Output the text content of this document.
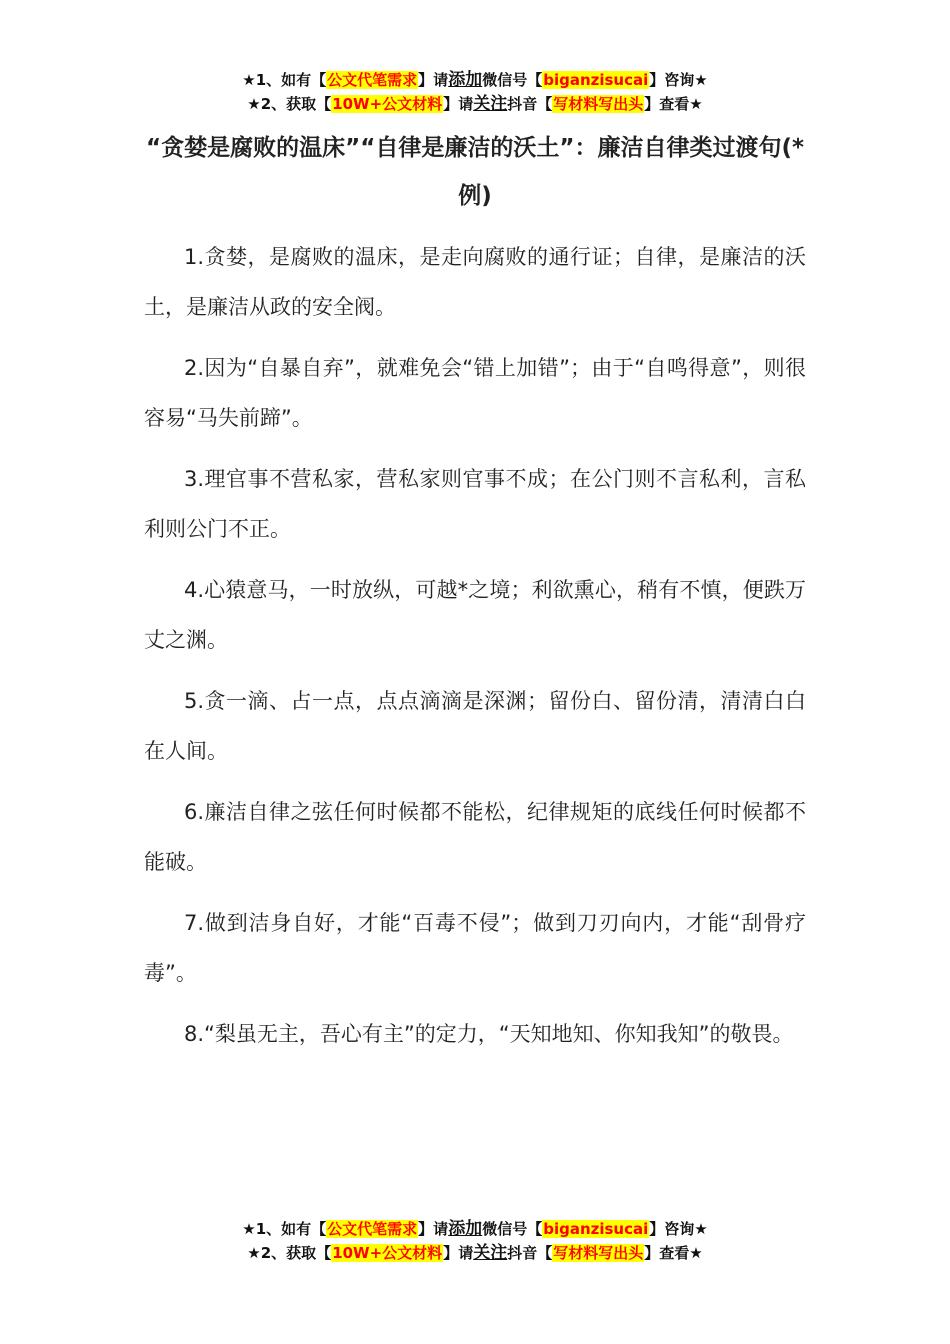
★1、如有【公文代笔需求】请添加微信号【biganzisucai】咨询★
★2、获取【10W+公文材料】请关注抖音【写材料写出头】查看★
“贪婪是腐败的温床”“自律是廉洁的沃土”：廉洁自律类过渡句(*例)

1.贪婪，是腐败的温床，是走向腐败的通行证；自律，是廉洁的沃土，是廉洁从政的安全阀。

2.因为“自暴自弃”，就难免会“错上加错”；由于“自鸣得意”，则很容易“马失前蹄”。

3.理官事不营私家，营私家则官事不成；在公门则不言私利，言私利则公门不正。

4.心猿意马，一时放纵，可越*之境；利欲熏心，稍有不慎，便跌万丈之渊。

5.贪一滴、占一点，点点滴滴是深渊；留份白、留份清，清清白白在人间。

6.廉洁自律之弦任何时候都不能松，纪律规矩的底线任何时候都不能破。

7.做到洁身自好，才能“百毒不侵”；做到刀刃向内，才能“刮骨疗毒”。

8.“梨虽无主，吾心有主”的定力，“天知地知、你知我知”的敬畏。

★1、如有【公文代笔需求】请添加微信号【biganzisucai】咨询★
★2、获取【10W+公文材料】请关注抖音【写材料写出头】查看★
